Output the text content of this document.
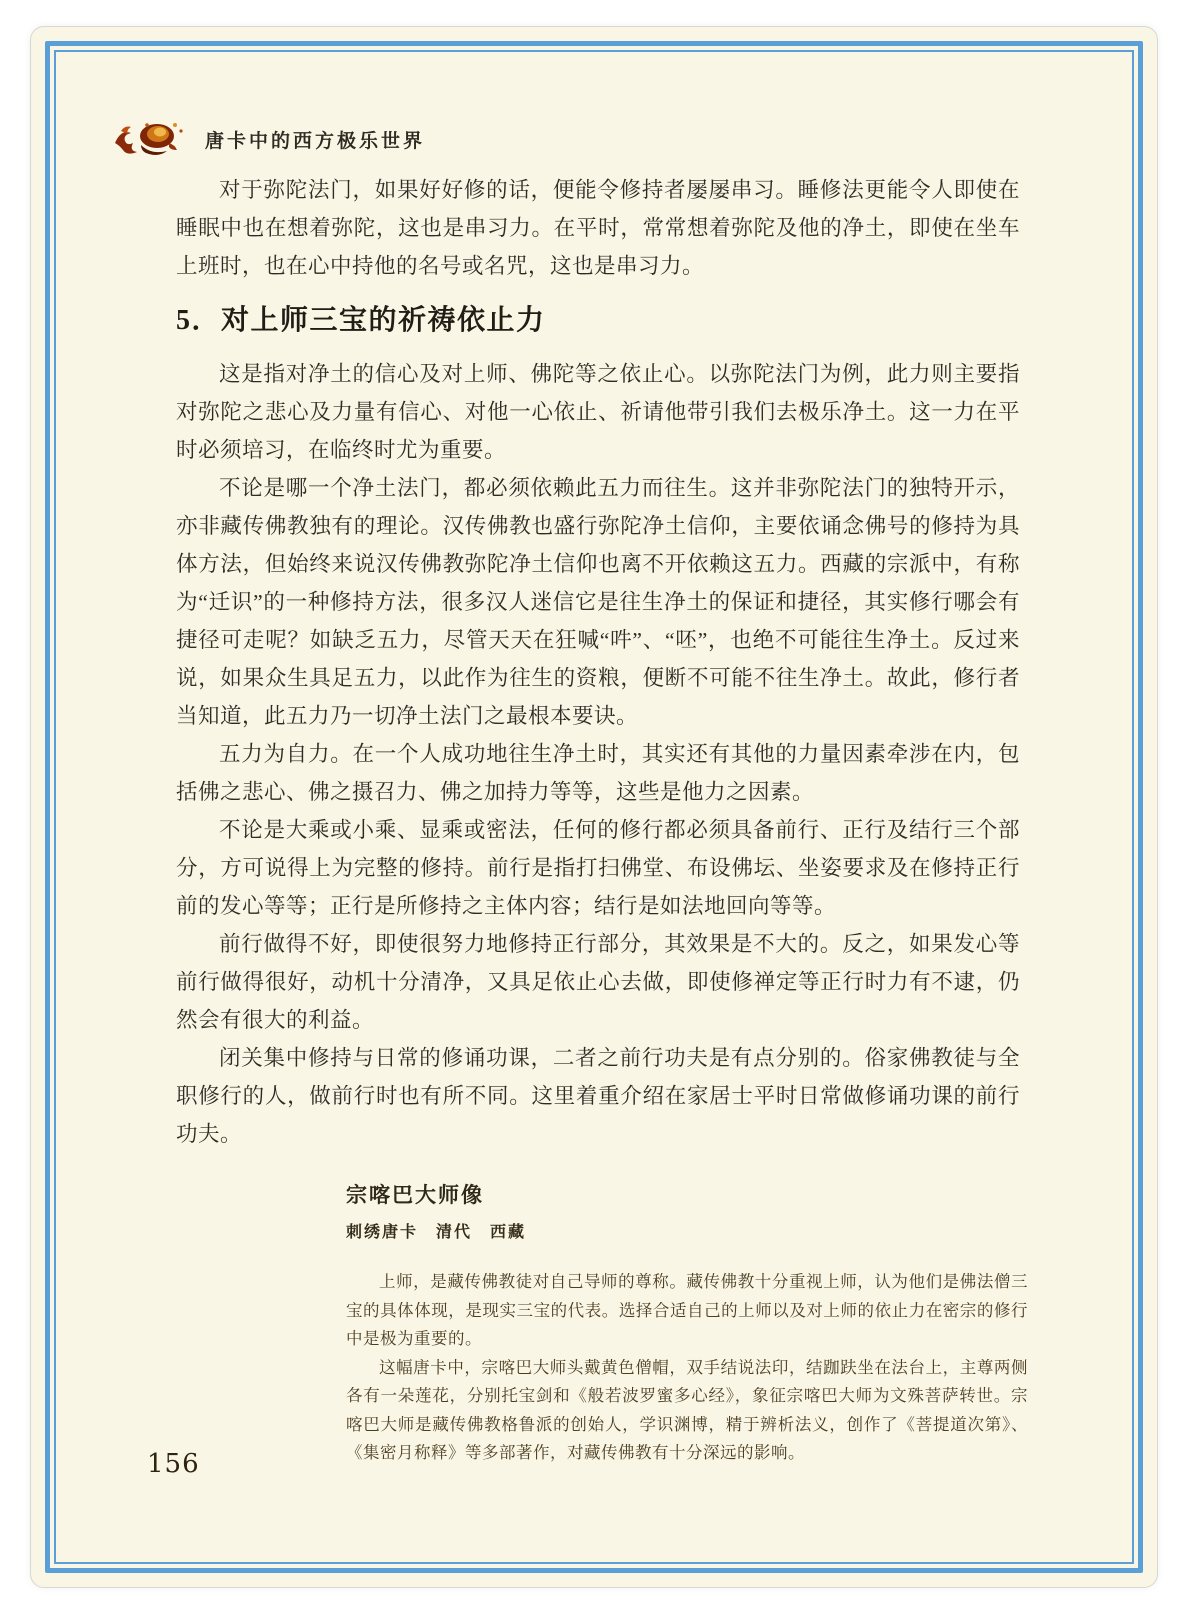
唐卡中的西方极乐世界

对于弥陀法门，如果好好修的话，便能令修持者屡屡串习。睡修法更能令人即使在睡眠中也在想着弥陀，这也是串习力。在平时，常常想着弥陀及他的净土，即使在坐车上班时，也在心中持他的名号或名咒，这也是串习力。

5．对上师三宝的祈祷依止力

这是指对净土的信心及对上师、佛陀等之依止心。以弥陀法门为例，此力则主要指对弥陀之悲心及力量有信心、对他一心依止、祈请他带引我们去极乐净土。这一力在平时必须培习，在临终时尤为重要。

不论是哪一个净土法门，都必须依赖此五力而往生。这并非弥陀法门的独特开示，亦非藏传佛教独有的理论。汉传佛教也盛行弥陀净土信仰，主要依诵念佛号的修持为具体方法，但始终来说汉传佛教弥陀净土信仰也离不开依赖这五力。西藏的宗派中，有称为“迁识”的一种修持方法，很多汉人迷信它是往生净土的保证和捷径，其实修行哪会有捷径可走呢？如缺乏五力，尽管天天在狂喊“吽”、“呸”，也绝不可能往生净土。反过来说，如果众生具足五力，以此作为往生的资粮，便断不可能不往生净土。故此，修行者当知道，此五力乃一切净土法门之最根本要诀。

五力为自力。在一个人成功地往生净土时，其实还有其他的力量因素牵涉在内，包括佛之悲心、佛之摄召力、佛之加持力等等，这些是他力之因素。

不论是大乘或小乘、显乘或密法，任何的修行都必须具备前行、正行及结行三个部分，方可说得上为完整的修持。前行是指打扫佛堂、布设佛坛、坐姿要求及在修持正行前的发心等等；正行是所修持之主体内容；结行是如法地回向等等。

前行做得不好，即使很努力地修持正行部分，其效果是不大的。反之，如果发心等前行做得很好，动机十分清净，又具足依止心去做，即使修禅定等正行时力有不逮，仍然会有很大的利益。

闭关集中修持与日常的修诵功课，二者之前行功夫是有点分别的。俗家佛教徒与全职修行的人，做前行时也有所不同。这里着重介绍在家居士平时日常做修诵功课的前行功夫。

宗喀巴大师像

刺绣唐卡　清代　西藏

上师，是藏传佛教徒对自己导师的尊称。藏传佛教十分重视上师，认为他们是佛法僧三宝的具体体现，是现实三宝的代表。选择合适自己的上师以及对上师的依止力在密宗的修行中是极为重要的。

这幅唐卡中，宗喀巴大师头戴黄色僧帽，双手结说法印，结跏趺坐在法台上，主尊两侧各有一朵莲花，分别托宝剑和《般若波罗蜜多心经》，象征宗喀巴大师为文殊菩萨转世。宗喀巴大师是藏传佛教格鲁派的创始人，学识渊博，精于辨析法义，创作了《菩提道次第》、《集密月称释》等多部著作，对藏传佛教有十分深远的影响。

156
